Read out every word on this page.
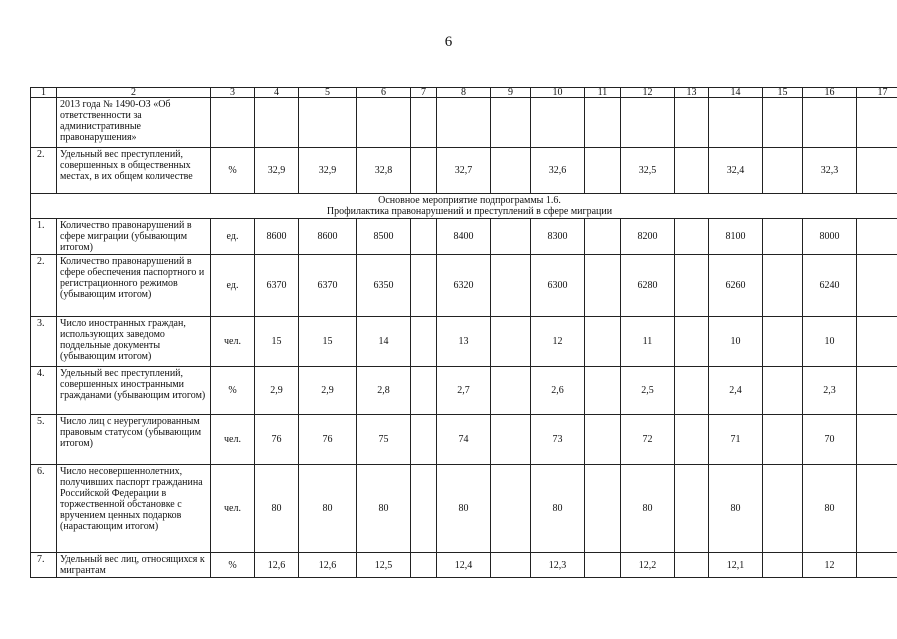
6
1	2	3	4	5	6	7	8	9	10	11	12	13	14	15	16	17
	2013 года № 1490-ОЗ «Об ответственности за административные правонарушения»															
2.	Удельный вес преступлений, совершенных в общественных местах, в их общем количестве	%	32,9	32,9	32,8		32,7		32,6		32,5		32,4		32,3	

Основное мероприятие подпрограммы 1.6.
Профилактика правонарушений и преступлений в сфере миграции																

1.	Количество правонарушений в сфере миграции (убывающим итогом)	ед.	8600	8600	8500		8400		8300		8200		8100		8000	
2.	Количество правонарушений в сфере обеспечения паспортного и регистрационного режимов (убывающим итогом)	ед.	6370	6370	6350		6320		6300		6280		6260		6240	
3.	Число иностранных граждан, использующих заведомо поддельные документы (убывающим итогом)	чел.	15	15	14		13		12		11		10		10	
4.	Удельный вес преступлений, совершенных иностранными гражданами (убывающим итогом)	%	2,9	2,9	2,8		2,7		2,6		2,5		2,4		2,3	
5.	Число лиц с неурегулированным правовым статусом (убывающим итогом)	чел.	76	76	75		74		73		72		71		70	
6.	Число несовершеннолетних, получивших паспорт гражданина Российской Федерации в торжественной обстановке с вручением ценных подарков (нарастающим итогом)	чел.	80	80	80		80		80		80		80		80	
7.	Удельный вес лиц, относящихся к мигрантам	%	12,6	12,6	12,5		12,4		12,3		12,2		12,1		12	
